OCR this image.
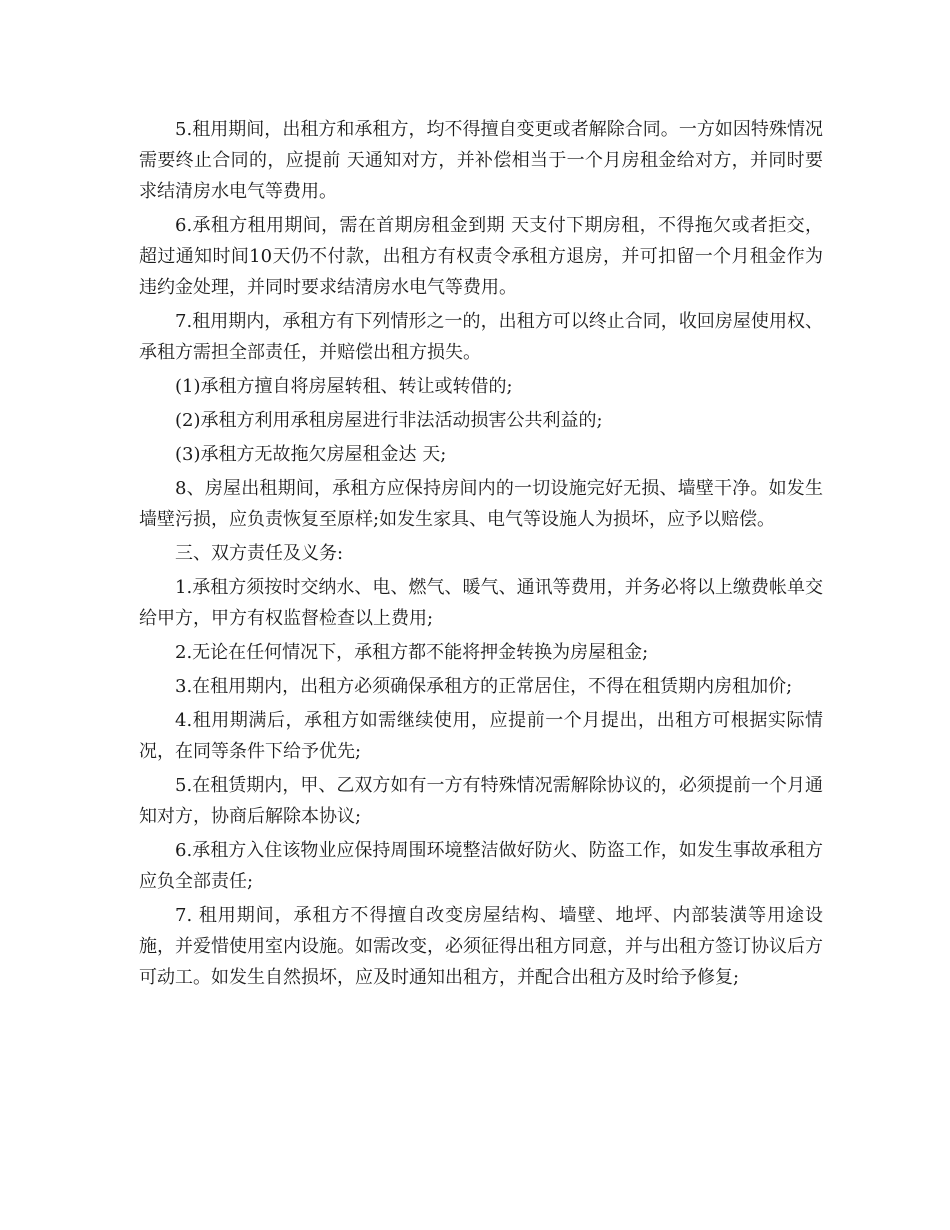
5.租用期间，出租方和承租方，均不得擅自变更或者解除合同。一方如因特殊情况需要终止合同的，应提前 天通知对方，并补偿相当于一个月房租金给对方，并同时要求结清房水电气等费用。

6.承租方租用期间，需在首期房租金到期 天支付下期房租，不得拖欠或者拒交，超过通知时间10天仍不付款，出租方有权责令承租方退房，并可扣留一个月租金作为违约金处理，并同时要求结清房水电气等费用。

7.租用期内，承租方有下列情形之一的，出租方可以终止合同，收回房屋使用权、承租方需担全部责任，并赔偿出租方损失。

(1)承租方擅自将房屋转租、转让或转借的;

(2)承租方利用承租房屋进行非法活动损害公共利益的;

(3)承租方无故拖欠房屋租金达 天;

8、房屋出租期间，承租方应保持房间内的一切设施完好无损、墙壁干净。如发生墙壁污损，应负责恢复至原样;如发生家具、电气等设施人为损坏，应予以赔偿。

三、双方责任及义务:

1.承租方须按时交纳水、电、燃气、暖气、通讯等费用，并务必将以上缴费帐单交给甲方，甲方有权监督检查以上费用;

2.无论在任何情况下，承租方都不能将押金转换为房屋租金;

3.在租用期内，出租方必须确保承租方的正常居住，不得在租赁期内房租加价;

4.租用期满后，承租方如需继续使用，应提前一个月提出，出租方可根据实际情况，在同等条件下给予优先;

5.在租赁期内，甲、乙双方如有一方有特殊情况需解除协议的，必须提前一个月通知对方，协商后解除本协议;

6.承租方入住该物业应保持周围环境整洁做好防火、防盗工作，如发生事故承租方应负全部责任;

7. 租用期间，承租方不得擅自改变房屋结构、墙壁、地坪、内部装潢等用途设施，并爱惜使用室内设施。如需改变，必须征得出租方同意，并与出租方签订协议后方可动工。如发生自然损坏，应及时通知出租方，并配合出租方及时给予修复;
